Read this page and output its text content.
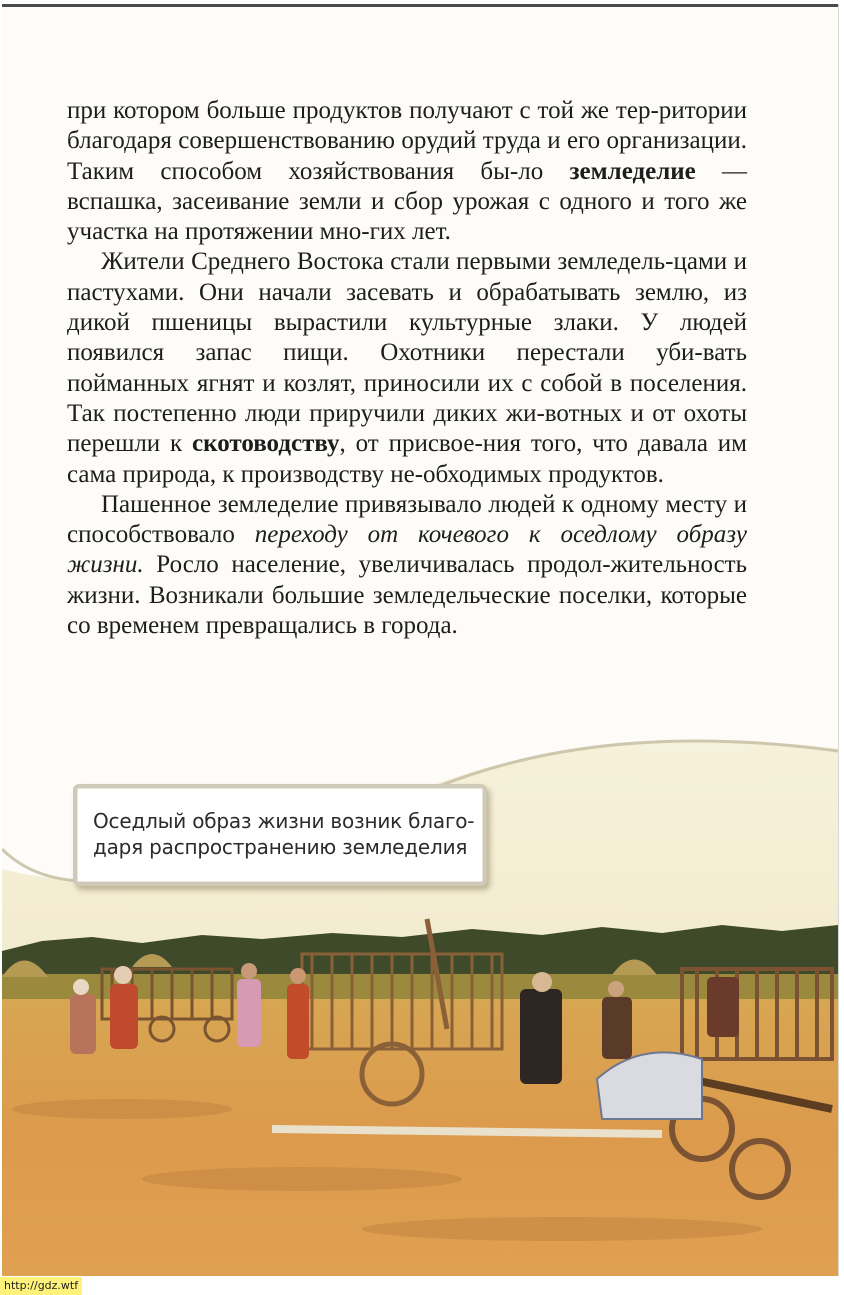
при котором больше продуктов получают с той же тер-ритории благодаря совершенствованию орудий труда и его организации. Таким способом хозяйствования бы-ло земледелие — вспашка, засеивание земли и сбор урожая с одного и того же участка на протяжении мно-гих лет.

Жители Среднего Востока стали первыми земледель-цами и пастухами. Они начали засевать и обрабатывать землю, из дикой пшеницы вырастили культурные злаки. У людей появился запас пищи. Охотники перестали уби-вать пойманных ягнят и козлят, приносили их с собой в поселения. Так постепенно люди приручили диких жи-вотных и от охоты перешли к скотоводству, от присвое-ния того, что давала им сама природа, к производству не-обходимых продуктов.

Пашенное земледелие привязывало людей к одному месту и способствовало переходу от кочевого к оседлому образу жизни. Росло население, увеличивалась продол-жительность жизни. Возникали большие земледельческие поселки, которые со временем превращались в города.

Оседлый образ жизни возник благо-даря распространению земледелия
http://gdz.wtf
